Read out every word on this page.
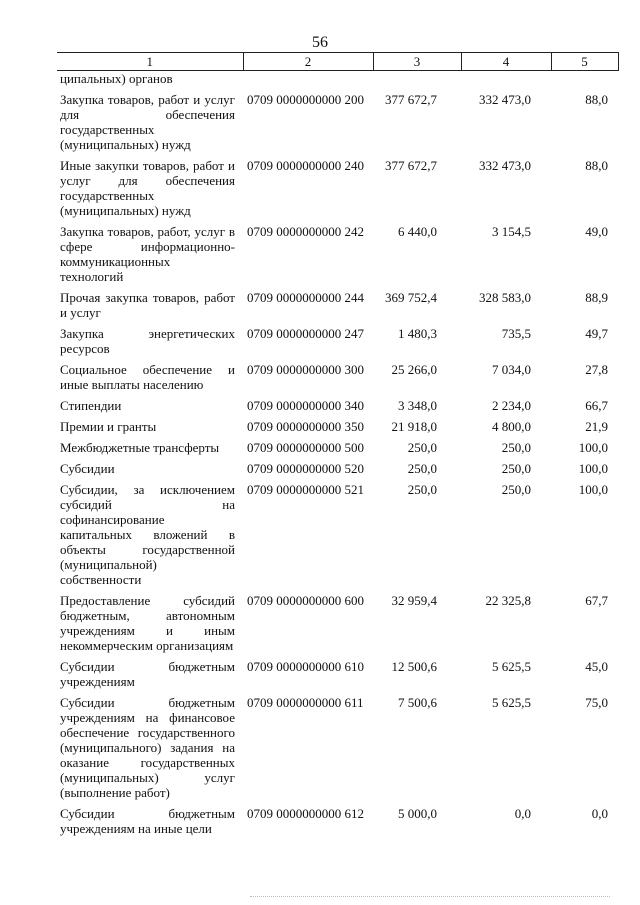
56
1	2	3	4	5
ципальных) органов				
Закупка товаров, работ и услуг для обеспечения государственных (муниципальных) нужд	0709 0000000000 200	377 672,7	332 473,0	88,0
Иные закупки товаров, работ и услуг для обеспечения государственных (муниципальных) нужд	0709 0000000000 240	377 672,7	332 473,0	88,0
Закупка товаров, работ, услуг в сфере информационно-коммуникационных технологий	0709 0000000000 242	6 440,0	3 154,5	49,0
Прочая закупка товаров, работ и услуг	0709 0000000000 244	369 752,4	328 583,0	88,9
Закупка энергетических ресурсов	0709 0000000000 247	1 480,3	735,5	49,7
Социальное обеспечение и иные выплаты населению	0709 0000000000 300	25 266,0	7 034,0	27,8
Стипендии	0709 0000000000 340	3 348,0	2 234,0	66,7
Премии и гранты	0709 0000000000 350	21 918,0	4 800,0	21,9
Межбюджетные трансферты	0709 0000000000 500	250,0	250,0	100,0
Субсидии	0709 0000000000 520	250,0	250,0	100,0
Субсидии, за исключением субсидий на софинансирование капитальных вложений в объекты государственной (муниципальной) собственности	0709 0000000000 521	250,0	250,0	100,0
Предоставление субсидий бюджетным, автономным учреждениям и иным некоммерческим организациям	0709 0000000000 600	32 959,4	22 325,8	67,7
Субсидии бюджетным учреждениям	0709 0000000000 610	12 500,6	5 625,5	45,0
Субсидии бюджетным учреждениям на финансовое обеспечение государственного (муниципального) задания на оказание государственных (муниципальных) услуг (выполнение работ)	0709 0000000000 611	7 500,6	5 625,5	75,0
Субсидии бюджетным учреждениям на иные цели	0709 0000000000 612	5 000,0	0,0	0,0
